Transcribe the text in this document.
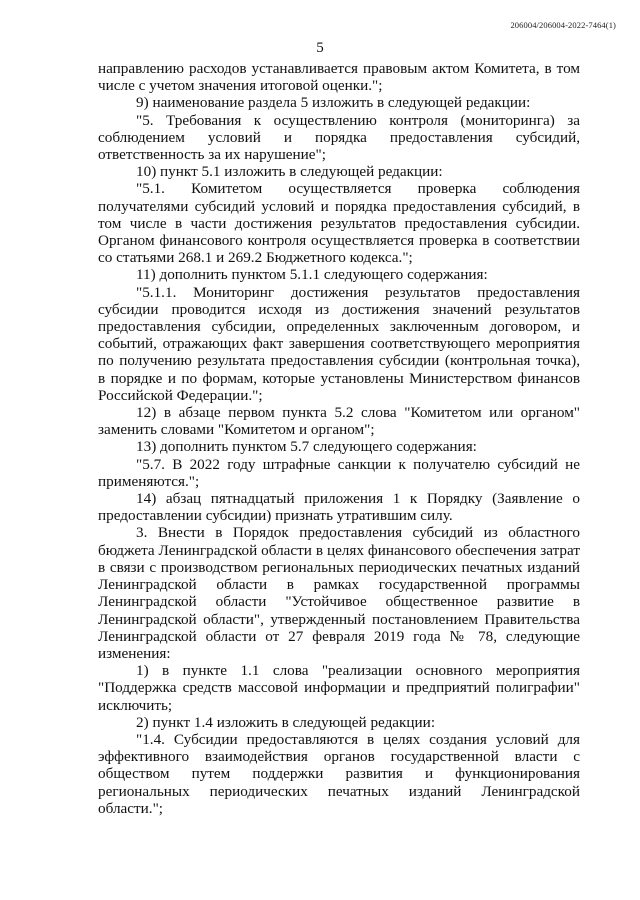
206004/206004-2022-7464(1)
5

направлению расходов устанавливается правовым актом Комитета, в том числе с учетом значения итоговой оценки.";

9) наименование раздела 5 изложить в следующей редакции:

"5. Требования к осуществлению контроля (мониторинга) за соблюдением условий и порядка предоставления субсидий, ответственность за их нарушение";

10) пункт 5.1 изложить в следующей редакции:

"5.1. Комитетом осуществляется проверка соблюдения получателями субсидий условий и порядка предоставления субсидий, в том числе в части достижения результатов предоставления субсидии. Органом финансового контроля осуществляется проверка в соответствии со статьями 268.1 и 269.2 Бюджетного кодекса.";

11) дополнить пунктом 5.1.1 следующего содержания:

"5.1.1. Мониторинг достижения результатов предоставления субсидии проводится исходя из достижения значений результатов предоставления субсидии, определенных заключенным договором, и событий, отражающих факт завершения соответствующего мероприятия по получению результата предоставления субсидии (контрольная точка), в порядке и по формам, которые установлены Министерством финансов Российской Федерации.";

12) в абзаце первом пункта 5.2 слова "Комитетом или органом" заменить словами "Комитетом и органом";

13) дополнить пунктом 5.7 следующего содержания:

"5.7. В 2022 году штрафные санкции к получателю субсидий не применяются.";

14) абзац пятнадцатый приложения 1 к Порядку (Заявление о предоставлении субсидии) признать утратившим силу.

3. Внести в Порядок предоставления субсидий из областного бюджета Ленинградской области в целях финансового обеспечения затрат в связи с производством региональных периодических печатных изданий Ленинградской области в рамках государственной программы Ленинградской области "Устойчивое общественное развитие в Ленинградской области", утвержденный постановлением Правительства Ленинградской области от 27 февраля 2019 года № 78, следующие изменения:

1) в пункте 1.1 слова "реализации основного мероприятия "Поддержка средств массовой информации и предприятий полиграфии" исключить;

2) пункт 1.4 изложить в следующей редакции:

"1.4. Субсидии предоставляются в целях создания условий для эффективного взаимодействия органов государственной власти с обществом путем поддержки развития и функционирования региональных периодических печатных изданий Ленинградской области.";
